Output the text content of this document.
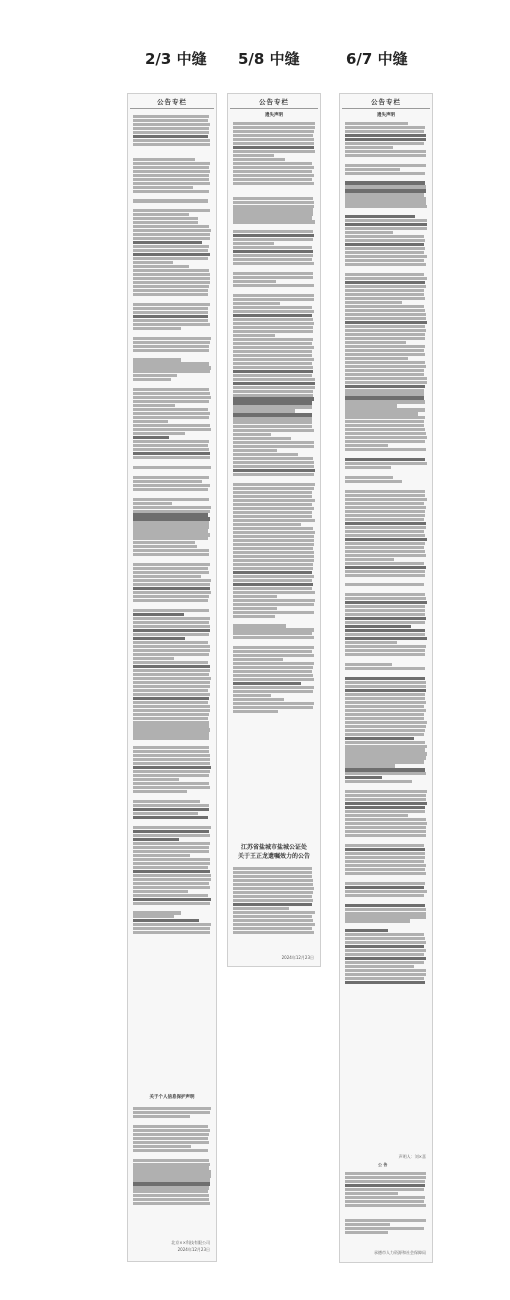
2/3 中缝 5/8 中缝	6/7 中缝
公告专栏
关于个人信息保护声明
北京××科技有限公司
2024年12月23日
公告专栏
遗失声明
江苏省盐城市盐城公证处
关于王正龙遗嘱效力的公告
2024年12月23日
公告专栏
遗失声明
声明人：刘×喜
公 告
承德市人力资源和社会保障局
